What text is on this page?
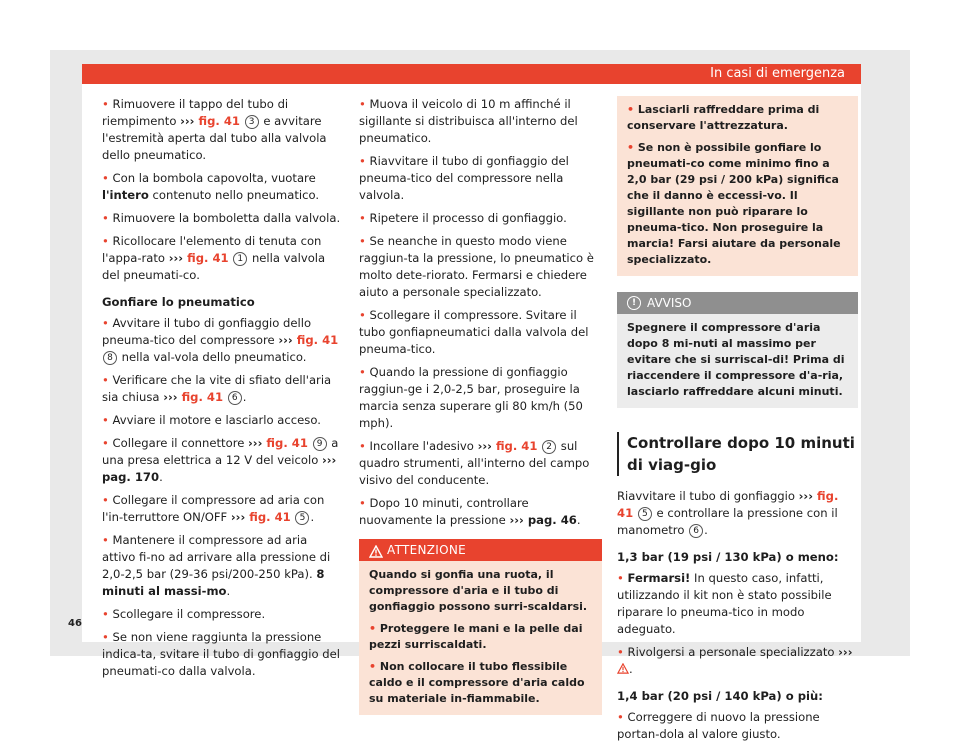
In casi di emergenza

• Rimuovere il tappo del tubo di riempimento ››› fig. 41 3 e avvitare l'estremità aperta dal tubo alla valvola dello pneumatico.

• Con la bombola capovolta, vuotare l'intero contenuto nello pneumatico.

• Rimuovere la bomboletta dalla valvola.

• Ricollocare l'elemento di tenuta con l'appa-rato ››› fig. 41 1 nella valvola del pneumati-co.

Gonfiare lo pneumatico

• Avvitare il tubo di gonfiaggio dello pneuma-tico del compressore ››› fig. 41 8 nella val-vola dello pneumatico.

• Verificare che la vite di sfiato dell'aria sia chiusa ››› fig. 41 6 .

• Avviare il motore e lasciarlo acceso.

• Collegare il connettore ››› fig. 41 9 a una presa elettrica a 12 V del veicolo ››› pag. 170.

• Collegare il compressore ad aria con l'in-terruttore ON/OFF ››› fig. 41 5 .

• Mantenere il compressore ad aria attivo fi-no ad arrivare alla pressione di 2,0-2,5 bar (29-36 psi/200-250 kPa). 8 minuti al massi-mo.

• Scollegare il compressore.

• Se non viene raggiunta la pressione indica-ta, svitare il tubo di gonfiaggio del pneumati-co dalla valvola.

• Muova il veicolo di 10 m affinché il sigillante si distribuisca all'interno del pneumatico.

• Riavvitare il tubo di gonfiaggio del pneuma-tico del compressore nella valvola.

• Ripetere il processo di gonfiaggio.

• Se neanche in questo modo viene raggiun-ta la pressione, lo pneumatico è molto dete-riorato. Fermarsi e chiedere aiuto a personale specializzato.

• Scollegare il compressore. Svitare il tubo gonfiapneumatici dalla valvola del pneuma-tico.

• Quando la pressione di gonfiaggio raggiun-ge i 2,0-2,5 bar, proseguire la marcia senza superare gli 80 km/h (50 mph).

• Incollare l'adesivo ››› fig. 41 2 sul quadro strumenti, all'interno del campo visivo del conducente.

• Dopo 10 minuti, controllare nuovamente la pressione ››› pag. 46.

ATTENZIONE

Quando si gonfia una ruota, il compressore d'aria e il tubo di gonfiaggio possono surri-scaldarsi.

• Proteggere le mani e la pelle dai pezzi surriscaldati.

• Non collocare il tubo flessibile caldo e il compressore d'aria caldo su materiale in-fiammabile.

• Lasciarli raffreddare prima di conservare l'attrezzatura.

• Se non è possibile gonfiare lo pneumati-co come minimo fino a 2,0 bar (29 psi / 200 kPa) significa che il danno è eccessi-vo. Il sigillante non può riparare lo pneuma-tico. Non proseguire la marcia! Farsi aiutare da personale specializzato.

! AVVISO
Spegnere il compressore d'aria dopo 8 mi-nuti al massimo per evitare che si surriscal-di! Prima di riaccendere il compressore d'a-ria, lasciarlo raffreddare alcuni minuti.
Controllare dopo 10 minuti di viag-gio

Riavvitare il tubo di gonfiaggio ››› fig. 41 5 e controllare la pressione con il manometro 6 .

1,3 bar (19 psi / 130 kPa) o meno:

• Fermarsi! In questo caso, infatti, utilizzando il kit non è stato possibile riparare lo pneuma-tico in modo adeguato.

• Rivolgersi a personale specializzato ››› .

1,4 bar (20 psi / 140 kPa) o più:

• Correggere di nuovo la pressione portan-dola al valore giusto.

46
